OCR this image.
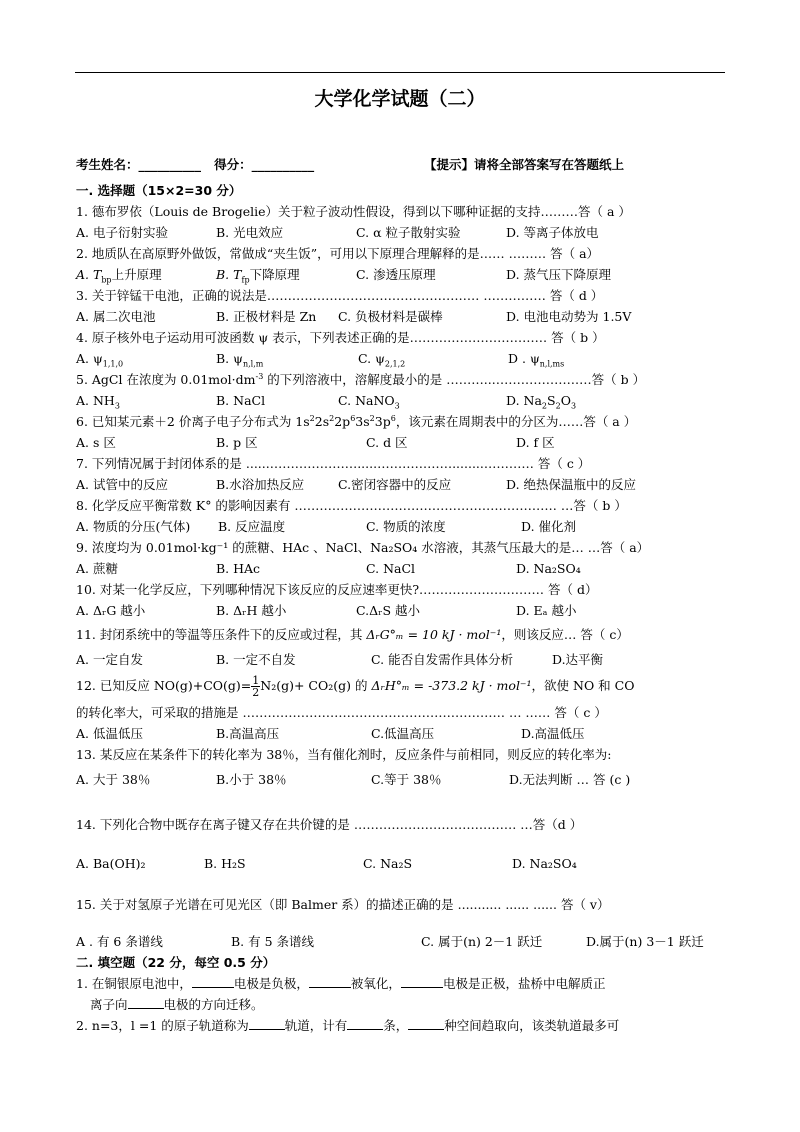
大学化学试题（二）
考生姓名：__________ 得分：__________	【提示】请将全部答案写在答题纸上
一. 选择题（15×2=30 分）
1. 德布罗依（Louis de Brogelie）关于粒子波动性假设，得到以下哪种证据的支持………答（ a ）
A. 电子衍射实验	B. 光电效应	C. α 粒子散射实验	D. 等离子体放电
2. 地质队在高原野外做饭，常做成“夹生饭”，可用以下原理合理解释的是…… ……… 答（ a）
A. $T_{bp}$上升原理	B. $T_{fp}$下降原理	C. 渗透压原理	D. 蒸气压下降原理
3. 关于锌锰干电池，正确的说法是…………………………………………… …………… 答（ d ）
A. 属二次电池	B. 正极材料是 Zn C. 负极材料是碳棒	D. 电池电动势为 1.5V
4. 原子核外电子运动用可波函数 ψ 表示，下列表述正确的是…………………………… 答（ b ）
A. $\psi_{1,1,0}$	B. $\psi_{n,l,m}$	C. $\psi_{2,1,2}$	D . $\psi_{n,l,ms}$
5. AgCl 在浓度为 $0.01mol\cdot dm^{-3}$ 的下列溶液中，溶解度最小的是 ………..……………………答（ b ）
A. $NH_3$	B. NaCl	C. NaNO$_3$	D. $Na_2S_2O_3$
6. 已知某元素＋2 价离子电子分布式为 $1s^22s^22p^63s^23p^6$，该元素在周期表中的分区为……答（ a ）
A. s 区	B. p 区	C. d 区	D. f 区
7. 下列情况属于封闭体系的是 ......………………….....………………........………… 答（ c ）
A. 试管中的反应	B.水浴加热反应	C.密闭容器中的反应	D. 绝热保温瓶中的反应
8. 化学反应平衡常数 K° 的影响因素有 ……………………………………………………… …答（ b ）
A. 物质的分压(气体) B. 反应温度	C. 物质的浓度	D. 催化剂
9. 浓度均为 0.01mol·kg⁻¹ 的蔗糖、HAc 、NaCl、Na₂SO₄ 水溶液，其蒸气压最大的是… …答（ a）
A. 蔗糖	B. HAc	C. NaCl	D. Na₂SO₄
10. 对某一化学反应，下列哪种情况下该反应的反应速率更快?………………………… 答（ d）
A. ΔᵣG 越小	B. ΔᵣH 越小	C.ΔᵣS 越小	D. Eₐ 越小
11. 封闭系统中的等温等压条件下的反应或过程，其 ΔᵣG°ₘ = 10 kJ · mol⁻¹，则该反应… 答（ c）
A. 一定自发	B. 一定不自发	C. 能否自发需作具体分析	D.达平衡
12. 已知反应 $NO(g)+CO(g)= \frac{1}{2} N_2(g)+ CO_2(g)$ 的 ΔᵣH°ₘ = -373.2 kJ · mol⁻¹，欲使 NO 和 CO
的转化率大，可采取的措施是 ……………………………………………………… … …… 答（ c ）
A. 低温低压	B.高温高压	C.低温高压	D.高温低压
13. 某反应在某条件下的转化率为 38％，当有催化剂时，反应条件与前相同，则反应的转化率为:
A. 大于 38％	B.小于 38％	C.等于 38％	D.无法判断 … 答 (c )
14. 下列化合物中既存在离子键又存在共价键的是 ………………………………… …答（d ）
A. Ba(OH)₂	B. H₂S	C. Na₂S	D. Na₂SO₄
15. 关于对氢原子光谱在可见光区（即 Balmer 系）的描述正确的是 ........... ...... ...... 答（ v）
A . 有 6 条谱线	B. 有 5 条谱线	C. 属于(n) 2－1 跃迁	D.属于(n) 3－1 跃迁
二. 填空题（22 分，每空 0.5 分）
1. 在铜银原电池中，	电极是负极，	被氧化，	电极是正极，盐桥中电解质正
离子向	电极的方向迁移。
2. n=3，l =1 的原子轨道称为	轨道，计有	条，	种空间趋取向，该类轨道最多可
